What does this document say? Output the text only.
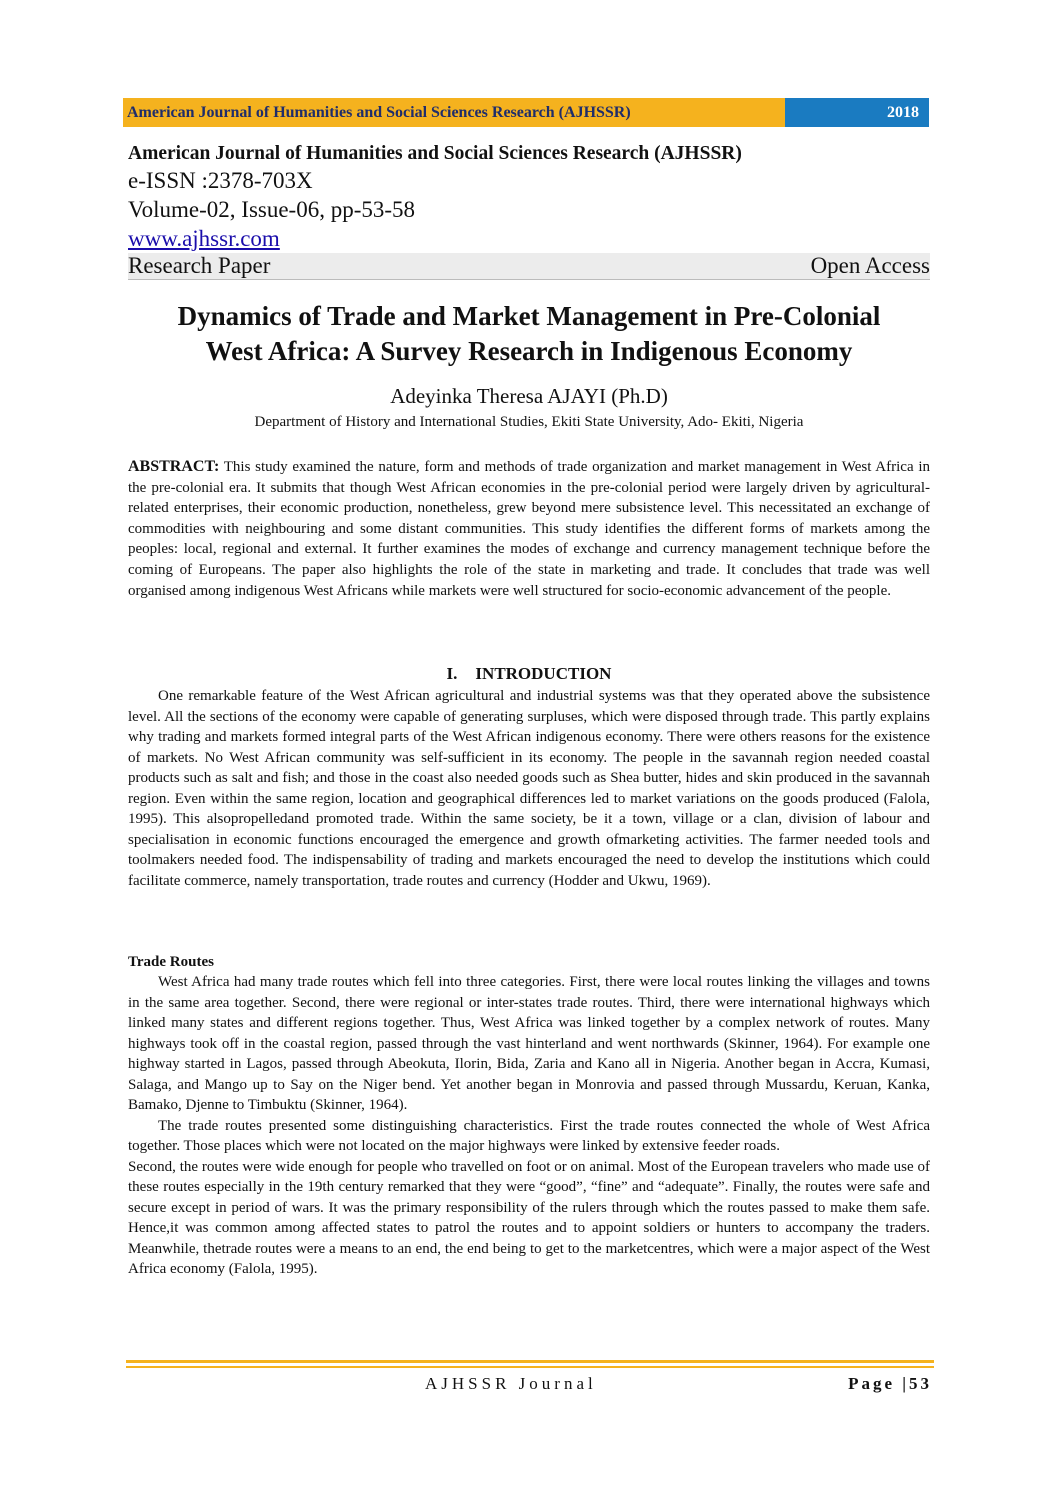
American Journal of Humanities and Social Sciences Research (AJHSSR)	2018
American Journal of Humanities and Social Sciences Research (AJHSSR)
e-ISSN :2378-703X
Volume-02, Issue-06, pp-53-58
www.ajhssr.com
Research Paper	Open Access
Dynamics of Trade and Market Management in Pre-Colonial
West Africa: A Survey Research in Indigenous Economy
Adeyinka Theresa AJAYI (Ph.D)
Department of History and International Studies, Ekiti State University, Ado- Ekiti, Nigeria
ABSTRACT: This study examined the nature, form and methods of trade organization and market management in West Africa in the pre-colonial era. It submits that though West African economies in the pre-colonial period were largely driven by agricultural-related enterprises, their economic production, nonetheless, grew beyond mere subsistence level. This necessitated an exchange of commodities with neighbouring and some distant communities. This study identifies the different forms of markets among the peoples: local, regional and external. It further examines the modes of exchange and currency management technique before the coming of Europeans. The paper also highlights the role of the state in marketing and trade. It concludes that trade was well organised among indigenous West Africans while markets were well structured for socio-economic advancement of the people.
I. INTRODUCTION

One remarkable feature of the West African agricultural and industrial systems was that they operated above the subsistence level. All the sections of the economy were capable of generating surpluses, which were disposed through trade. This partly explains why trading and markets formed integral parts of the West African indigenous economy. There were others reasons for the existence of markets. No West African community was self-sufficient in its economy. The people in the savannah region needed coastal products such as salt and fish; and those in the coast also needed goods such as Shea butter, hides and skin produced in the savannah region. Even within the same region, location and geographical differences led to market variations on the goods produced (Falola, 1995). This alsopropelledand promoted trade. Within the same society, be it a town, village or a clan, division of labour and specialisation in economic functions encouraged the emergence and growth ofmarketing activities. The farmer needed tools and toolmakers needed food. The indispensability of trading and markets encouraged the need to develop the institutions which could facilitate commerce, namely transportation, trade routes and currency (Hodder and Ukwu, 1969).

Trade Routes

West Africa had many trade routes which fell into three categories. First, there were local routes linking the villages and towns in the same area together. Second, there were regional or inter-states trade routes. Third, there were international highways which linked many states and different regions together. Thus, West Africa was linked together by a complex network of routes. Many highways took off in the coastal region, passed through the vast hinterland and went northwards (Skinner, 1964). For example one highway started in Lagos, passed through Abeokuta, Ilorin, Bida, Zaria and Kano all in Nigeria. Another began in Accra, Kumasi, Salaga, and Mango up to Say on the Niger bend. Yet another began in Monrovia and passed through Mussardu, Keruan, Kanka, Bamako, Djenne to Timbuktu (Skinner, 1964).

The trade routes presented some distinguishing characteristics. First the trade routes connected the whole of West Africa together. Those places which were not located on the major highways were linked by extensive feeder roads.

Second, the routes were wide enough for people who travelled on foot or on animal. Most of the European travelers who made use of these routes especially in the 19th century remarked that they were “good”, “fine” and “adequate”. Finally, the routes were safe and secure except in period of wars. It was the primary responsibility of the rulers through which the routes passed to make them safe. Hence,it was common among affected states to patrol the routes and to appoint soldiers or hunters to accompany the traders. Meanwhile, thetrade routes were a means to an end, the end being to get to the marketcentres, which were a major aspect of the West Africa economy (Falola, 1995).

AJHSSR Journal	Page |53
